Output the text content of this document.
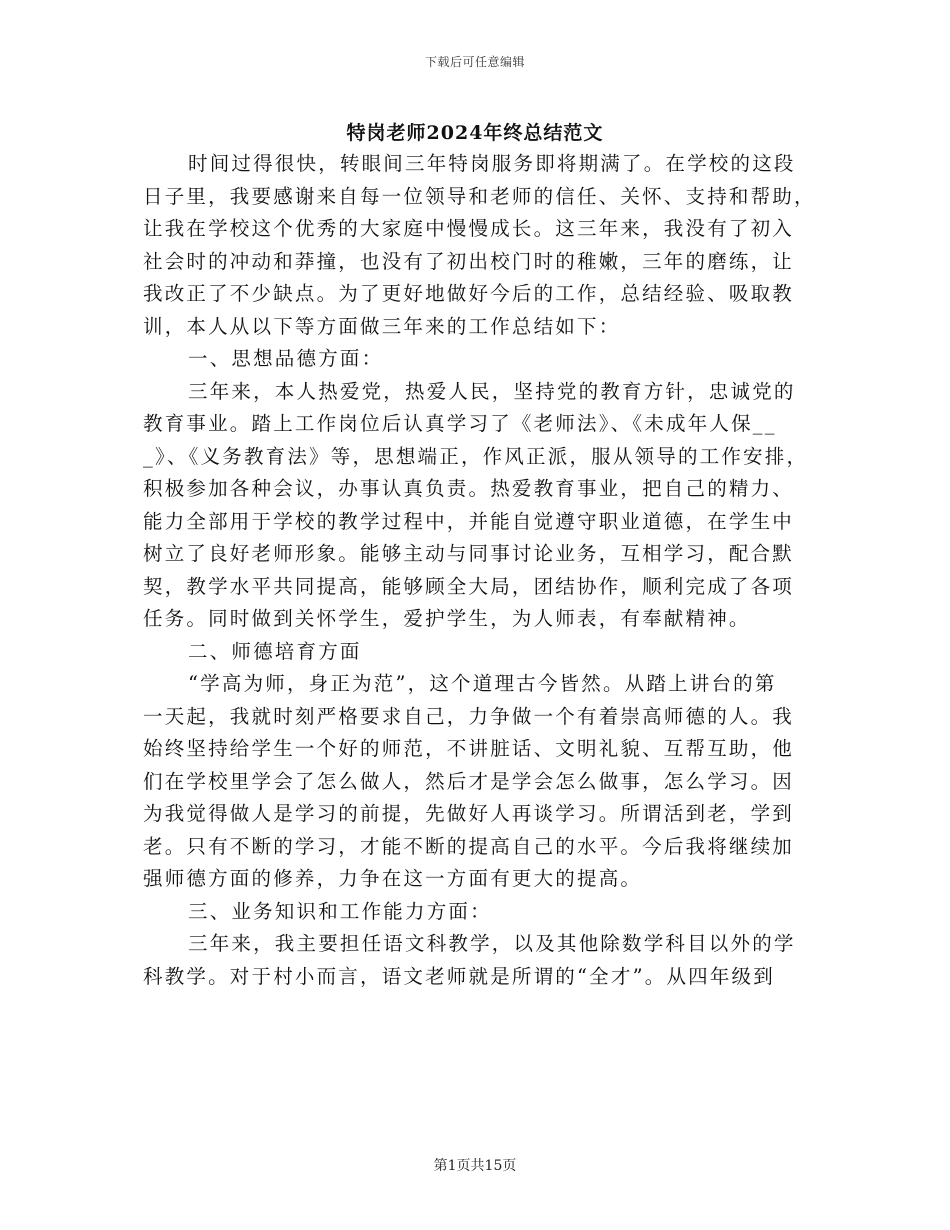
下载后可任意编辑
特岗老师2024年终总结范文
时间过得很快，转眼间三年特岗服务即将期满了。在学校的这段
日子里，我要感谢来自每一位领导和老师的信任、关怀、支持和帮助，
让我在学校这个优秀的大家庭中慢慢成长。这三年来，我没有了初入
社会时的冲动和莽撞，也没有了初出校门时的稚嫩，三年的磨练，让
我改正了不少缺点。为了更好地做好今后的工作，总结经验、吸取教
训，本人从以下等方面做三年来的工作总结如下：
一、思想品德方面：
三年来，本人热爱党，热爱人民，坚持党的教育方针，忠诚党的
教育事业。踏上工作岗位后认真学习了《老师法》、《未成年人保__
_》、《义务教育法》等，思想端正，作风正派，服从领导的工作安排，
积极参加各种会议，办事认真负责。热爱教育事业，把自己的精力、
能力全部用于学校的教学过程中，并能自觉遵守职业道德，在学生中
树立了良好老师形象。能够主动与同事讨论业务，互相学习，配合默
契，教学水平共同提高，能够顾全大局，团结协作，顺利完成了各项
任务。同时做到关怀学生，爱护学生，为人师表，有奉献精神。
二、师德培育方面
“学高为师，身正为范”，这个道理古今皆然。从踏上讲台的第
一天起，我就时刻严格要求自己，力争做一个有着崇高师德的人。我
始终坚持给学生一个好的师范，不讲脏话、文明礼貌、互帮互助，他
们在学校里学会了怎么做人，然后才是学会怎么做事，怎么学习。因
为我觉得做人是学习的前提，先做好人再谈学习。所谓活到老，学到
老。只有不断的学习，才能不断的提高自己的水平。今后我将继续加
强师德方面的修养，力争在这一方面有更大的提高。
三、业务知识和工作能力方面：
三年来，我主要担任语文科教学，以及其他除数学科目以外的学
科教学。对于村小而言，语文老师就是所谓的“全才”。从四年级到
第1页共15页
